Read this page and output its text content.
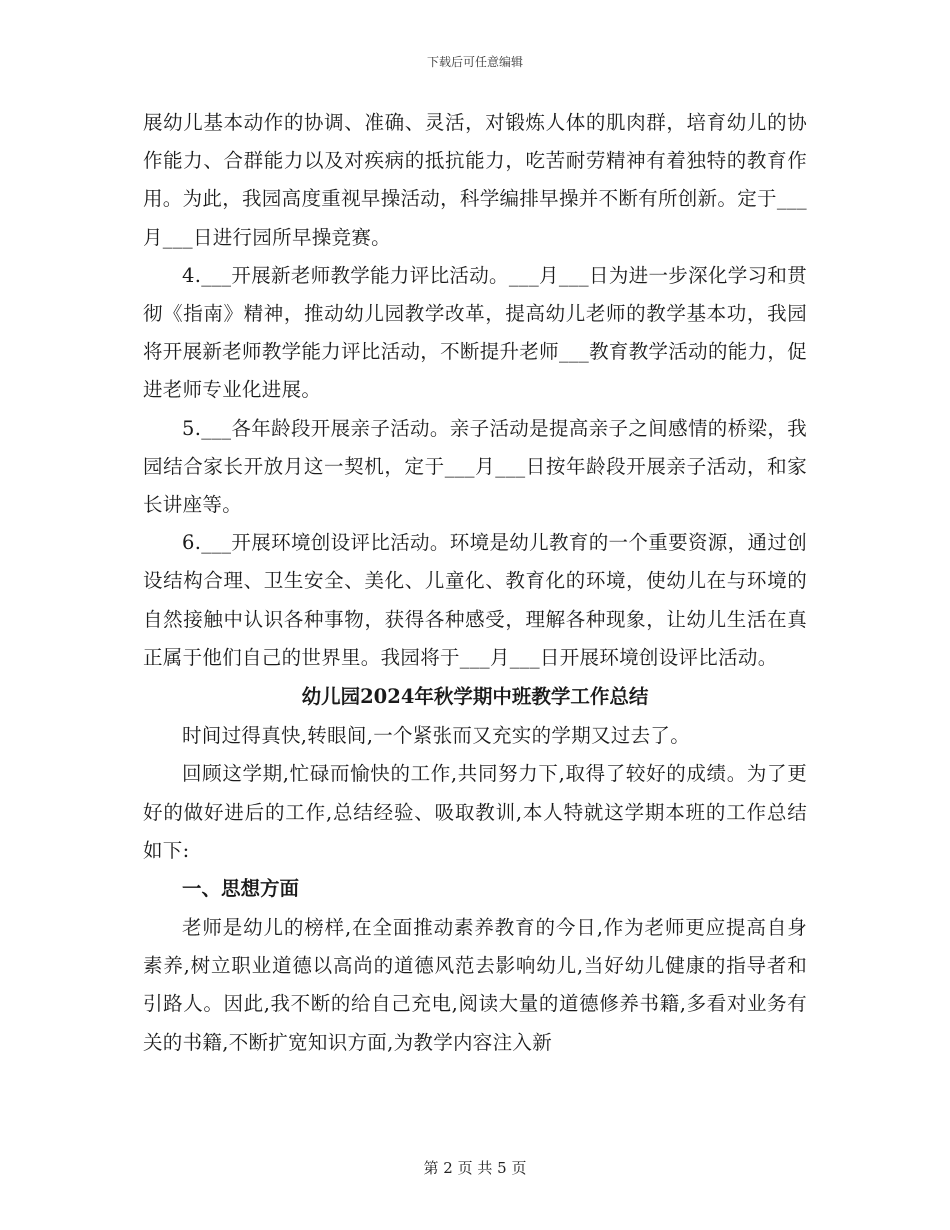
下载后可任意编辑

展幼儿基本动作的协调、准确、灵活，对锻炼人体的肌肉群，培育幼儿的协作能力、合群能力以及对疾病的抵抗能力，吃苦耐劳精神有着独特的教育作用。为此，我园高度重视早操活动，科学编排早操并不断有所创新。定于___月___日进行园所早操竞赛。

4.___开展新老师教学能力评比活动。___月___日为进一步深化学习和贯彻《指南》精神，推动幼儿园教学改革，提高幼儿老师的教学基本功，我园将开展新老师教学能力评比活动，不断提升老师___教育教学活动的能力，促进老师专业化进展。

5.___各年龄段开展亲子活动。亲子活动是提高亲子之间感情的桥梁，我园结合家长开放月这一契机，定于___月___日按年龄段开展亲子活动，和家长讲座等。

6.___开展环境创设评比活动。环境是幼儿教育的一个重要资源，通过创设结构合理、卫生安全、美化、儿童化、教育化的环境，使幼儿在与环境的自然接触中认识各种事物，获得各种感受，理解各种现象，让幼儿生活在真正属于他们自己的世界里。我园将于___月___日开展环境创设评比活动。

幼儿园2024年秋学期中班教学工作总结

时间过得真快,转眼间,一个紧张而又充实的学期又过去了。

回顾这学期,忙碌而愉快的工作,共同努力下,取得了较好的成绩。为了更好的做好进后的工作,总结经验、吸取教训,本人特就这学期本班的工作总结如下:

一、思想方面

老师是幼儿的榜样,在全面推动素养教育的今日,作为老师更应提高自身素养,树立职业道德以高尚的道德风范去影响幼儿,当好幼儿健康的指导者和引路人。因此,我不断的给自己充电,阅读大量的道德修养书籍,多看对业务有关的书籍,不断扩宽知识方面,为教学内容注入新

第 2 页 共 5 页
